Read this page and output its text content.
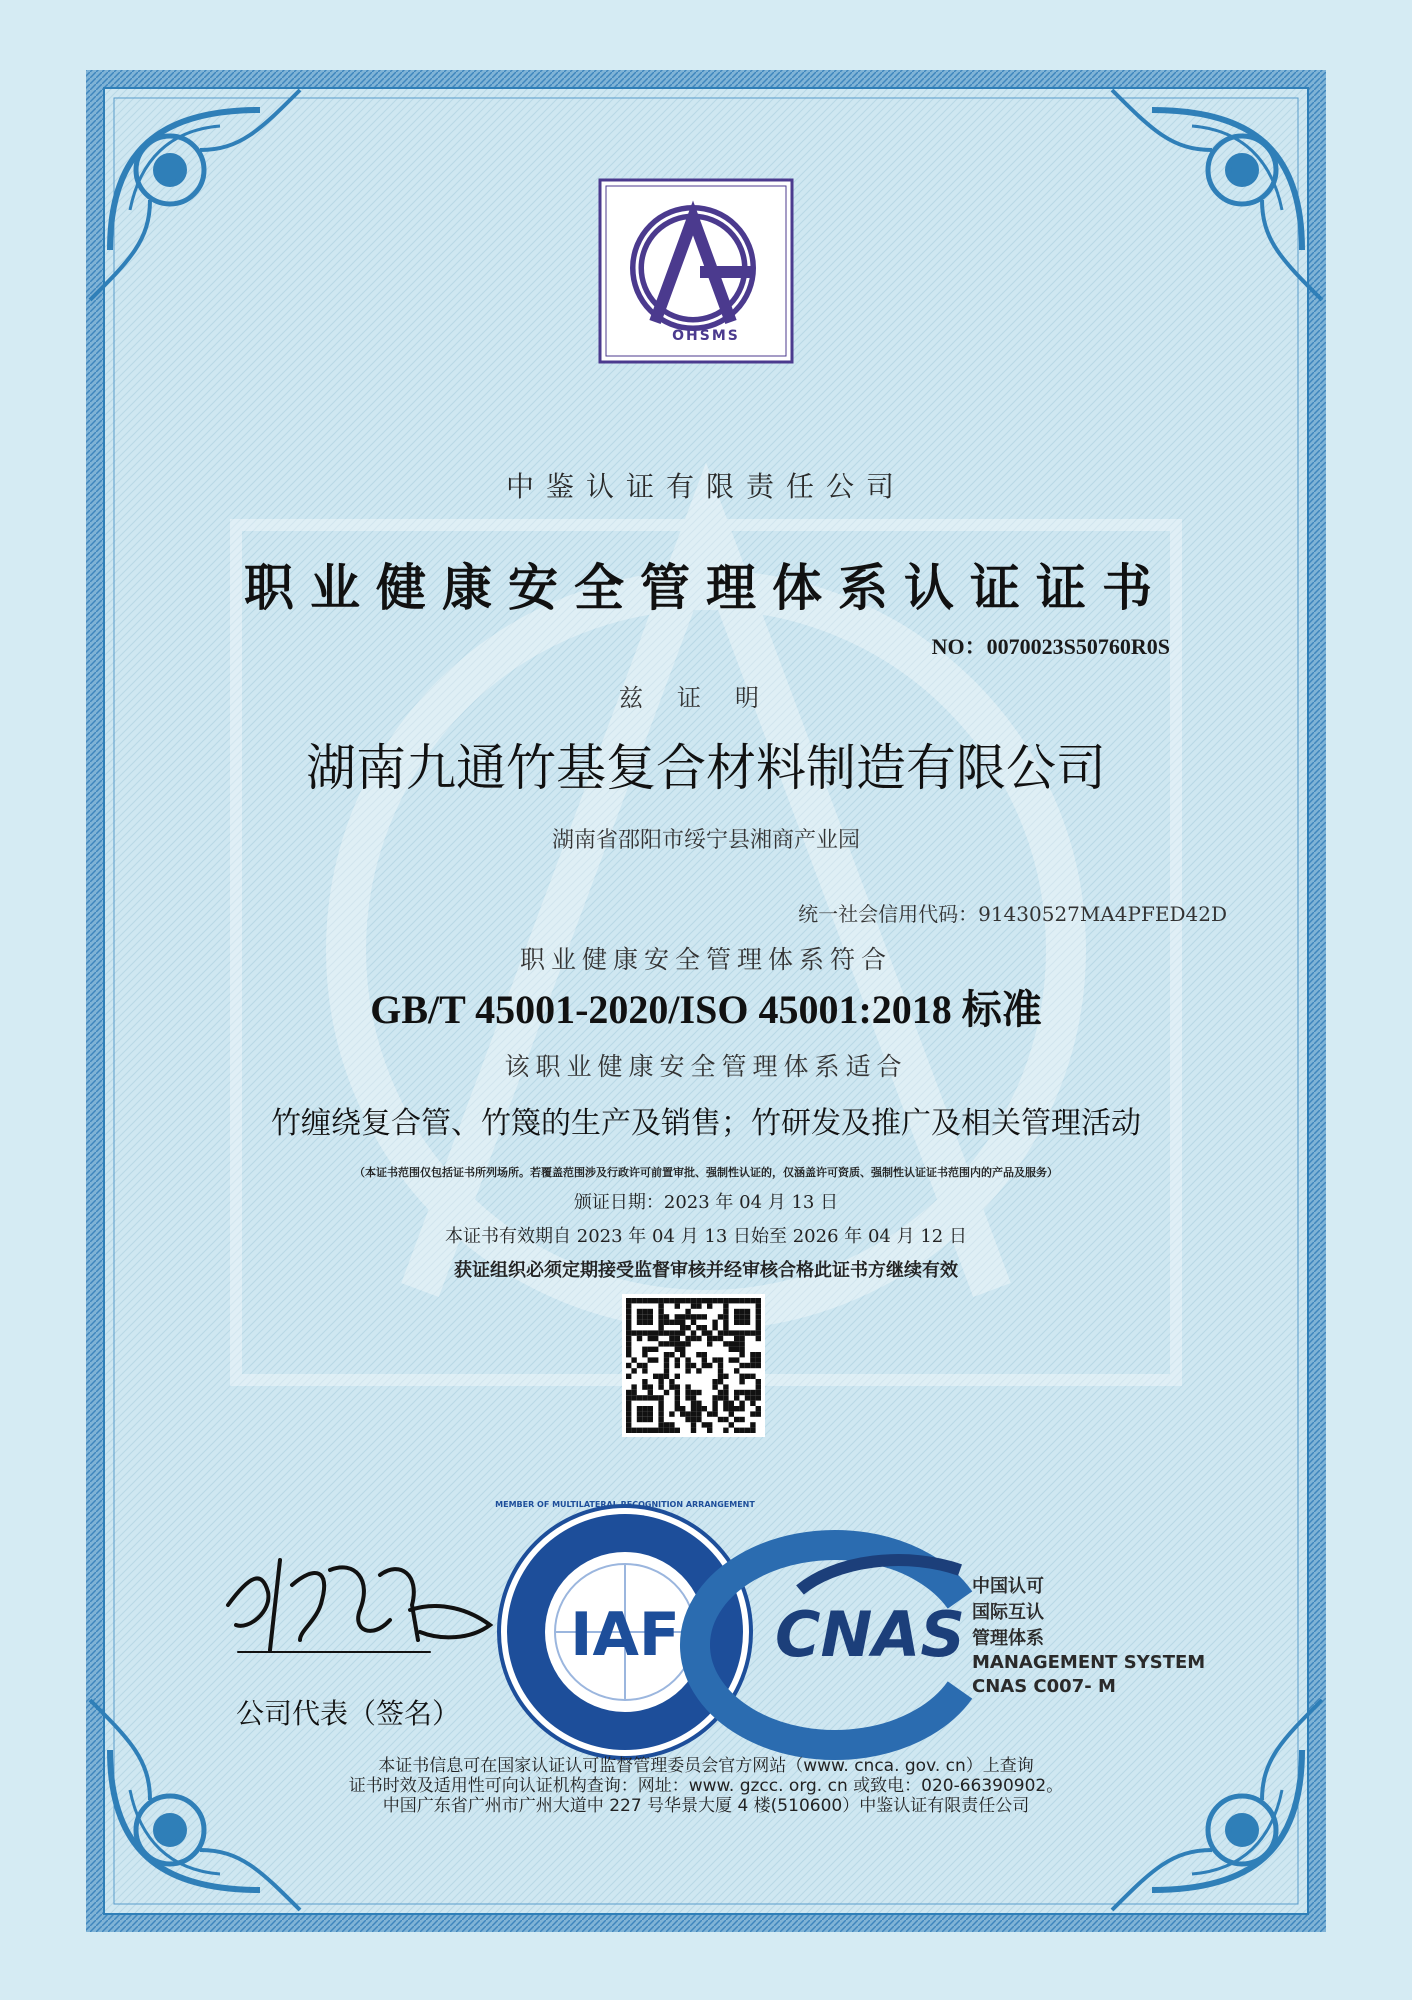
OHSMS
中鉴认证有限责任公司
职业健康安全管理体系认证证书
NO：0070023S50760R0S
兹证明
湖南九通竹基复合材料制造有限公司
湖南省邵阳市绥宁县湘商产业园
统一社会信用代码：91430527MA4PFED42D
职业健康安全管理体系符合
GB/T 45001-2020/ISO 45001:2018 标准
该职业健康安全管理体系适合
竹缠绕复合管、竹篾的生产及销售；竹研发及推广及相关管理活动
（本证书范围仅包括证书所列场所。若覆盖范围涉及行政许可前置审批、强制性认证的，仅涵盖许可资质、强制性认证证书范围内的产品及服务）
颁证日期：2023 年 04 月 13 日
本证书有效期自 2023 年 04 月 13 日始至 2026 年 04 月 12 日
获证组织必须定期接受监督审核并经审核合格此证书方继续有效
公司代表（签名）
IAF
MEMBER OF MULTILATERAL RECOGNITION ARRANGEMENT
CNAS
中国认可
国际互认
管理体系
MANAGEMENT SYSTEM
CNAS C007- M
本证书信息可在国家认证认可监督管理委员会官方网站（www. cnca. gov. cn）上查询
证书时效及适用性可向认证机构查询：网址：www. gzcc. org. cn 或致电：020-66390902。
中国广东省广州市广州大道中 227 号华景大厦 4 楼(510600）中鉴认证有限责任公司
